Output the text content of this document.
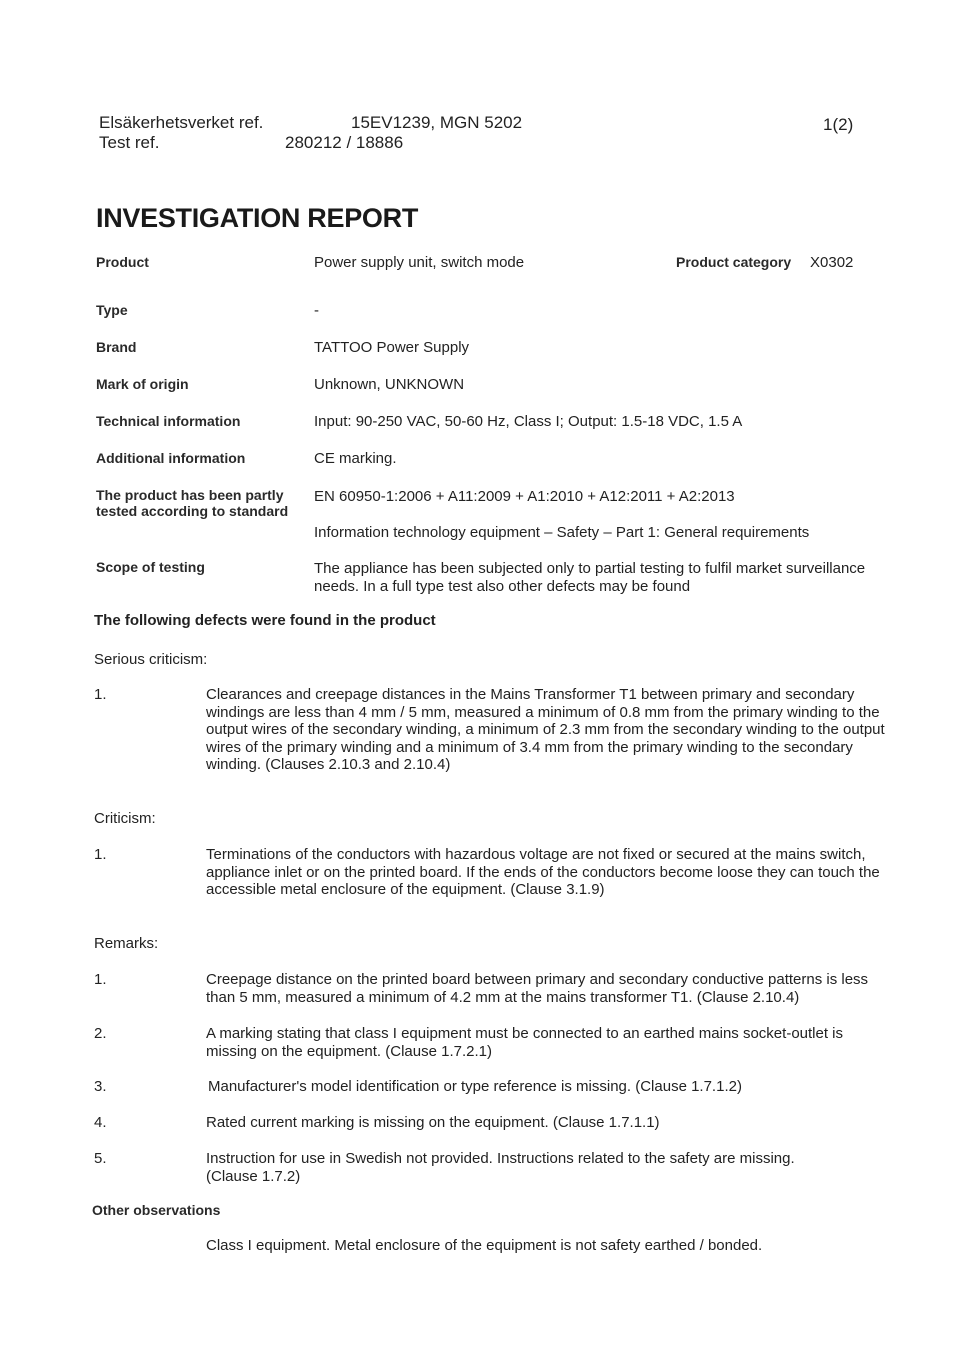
Elsäkerhetsverket ref.	15EV1239, MGN 5202
Test ref.	280212 / 18886
1(2)
INVESTIGATION REPORT
Product	Power supply unit, switch mode	Product category X0302
Type	-
Brand	TATTOO Power Supply
Mark of origin	Unknown, UNKNOWN
Technical information	Input: 90-250 VAC, 50-60 Hz, Class I; Output: 1.5-18 VDC, 1.5 A
Additional information	CE marking.
The product has been partly tested according to standard
EN 60950-1:2006 + A11:2009 + A1:2010 + A12:2011 + A2:2013
Information technology equipment – Safety – Part 1: General requirements
Scope of testing	The appliance has been subjected only to partial testing to fulfil market surveillance needs. In a full type test also other defects may be found
The following defects were found in the product
Serious criticism:
1.	Clearances and creepage distances in the Mains Transformer T1 between primary and secondary windings are less than 4 mm / 5 mm, measured a minimum of 0.8 mm from the primary winding to the output wires of the secondary winding, a minimum of 2.3 mm from the secondary winding to the output wires of the primary winding and a minimum of 3.4 mm from the primary winding to the secondary winding. (Clauses 2.10.3 and 2.10.4)
Criticism:
1.	Terminations of the conductors with hazardous voltage are not fixed or secured at the mains switch, appliance inlet or on the printed board. If the ends of the conductors become loose they can touch the accessible metal enclosure of the equipment. (Clause 3.1.9)
Remarks:
1.	Creepage distance on the printed board between primary and secondary conductive patterns is less than 5 mm, measured a minimum of 4.2 mm at the mains transformer T1. (Clause 2.10.4)
2.	A marking stating that class I equipment must be connected to an earthed mains socket-outlet is missing on the equipment. (Clause 1.7.2.1)
3.	Manufacturer's model identification or type reference is missing. (Clause 1.7.1.2)
4.	Rated current marking is missing on the equipment. (Clause 1.7.1.1)
5.	Instruction for use in Swedish not provided. Instructions related to the safety are missing. (Clause 1.7.2)
Other observations
Class I equipment. Metal enclosure of the equipment is not safety earthed / bonded.
